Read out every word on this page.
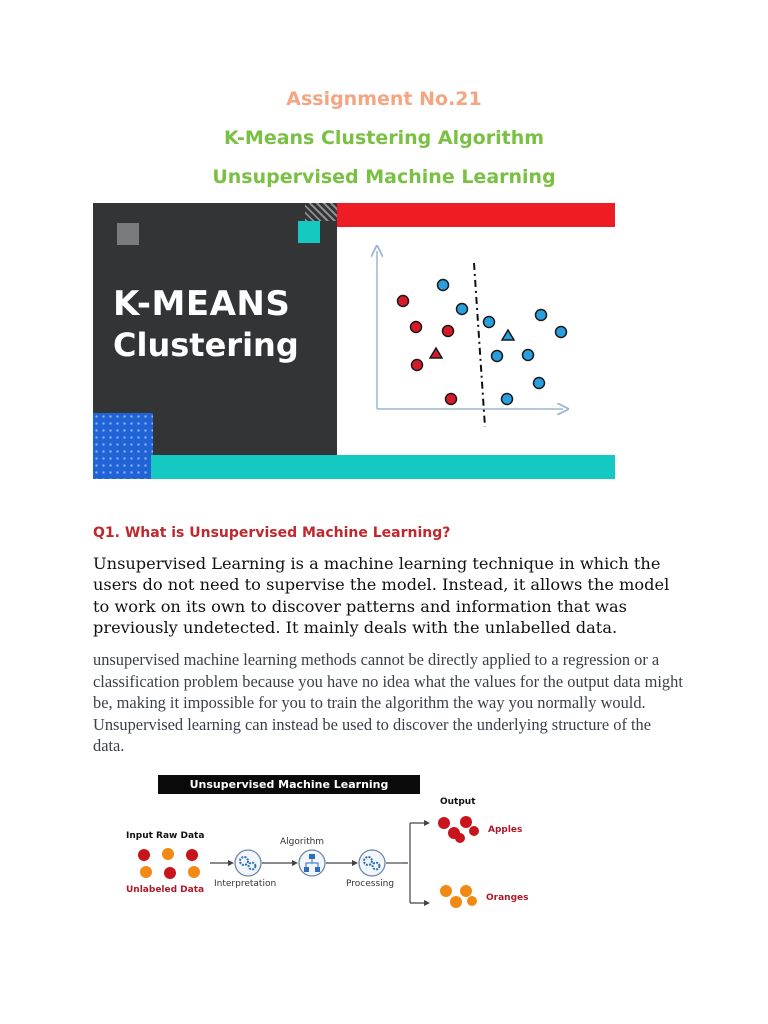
Assignment No.21
K-Means Clustering Algorithm
Unsupervised Machine Learning
K-MEANS
Clustering
Q1. What is Unsupervised Machine Learning?

Unsupervised Learning is a machine learning technique in which the users do not need to supervise the model. Instead, it allows the model to work on its own to discover patterns and information that was previously undetected. It mainly deals with the unlabelled data.

unsupervised machine learning methods cannot be directly applied to a regression or a classification problem because you have no idea what the values for the output data might be, making it impossible for you to train the algorithm the way you normally would. Unsupervised learning can instead be used to discover the underlying structure of the data.

Unsupervised Machine Learning
Input Raw Data
Unlabeled Data
Interpretation
Algorithm
Processing
Output
Apples
Oranges
